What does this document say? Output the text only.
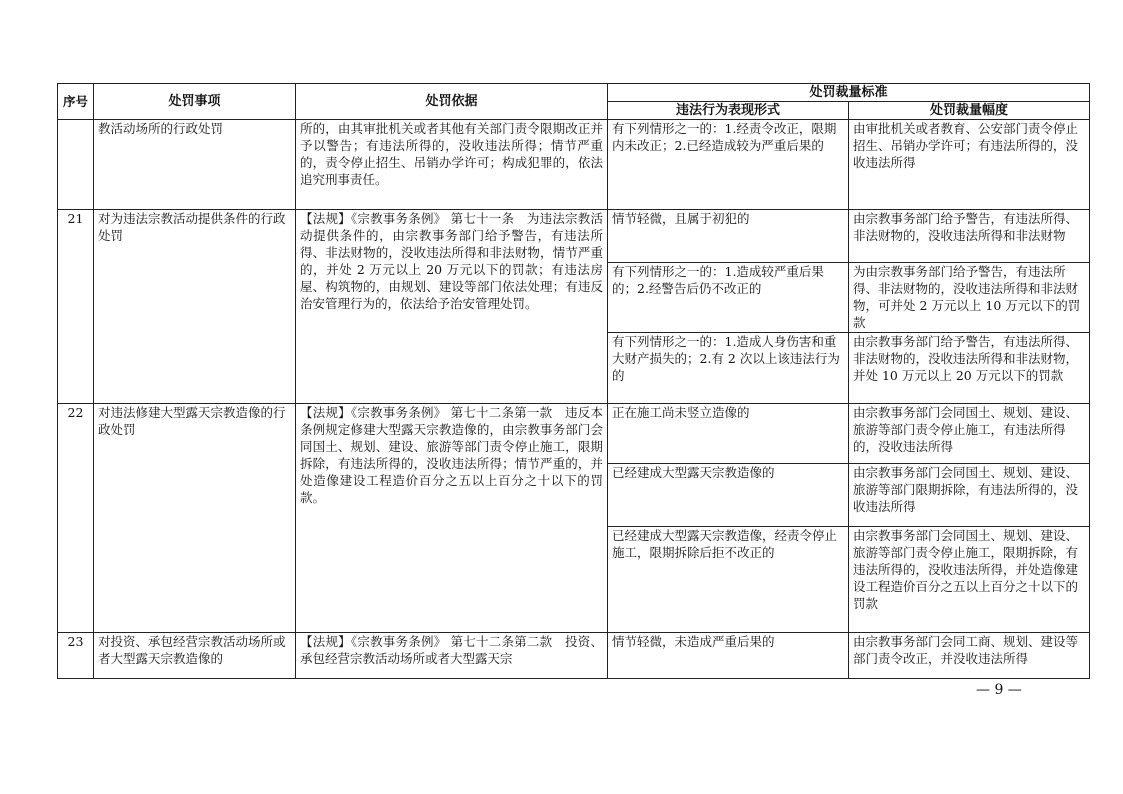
序号	处罚事项	处罚依据	处罚裁量标准	
			违法行为表现形式	处罚裁量幅度
	教活动场所的行政处罚	所的，由其审批机关或者其他有关部门责令限期改正并予以警告；有违法所得的，没收违法所得；情节严重的，责令停止招生、吊销办学许可；构成犯罪的，依法追究刑事责任。	有下列情形之一的：1.经责令改正，限期内未改正；2.已经造成较为严重后果的	由审批机关或者教育、公安部门责令停止招生、吊销办学许可；有违法所得的，没收违法所得
21	对为违法宗教活动提供条件的行政处罚	【法规】《宗教事务条例》 第七十一条　为违法宗教活动提供条件的，由宗教事务部门给予警告，有违法所得、非法财物的，没收违法所得和非法财物，情节严重的，并处 2 万元以上 20 万元以下的罚款；有违法房屋、构筑物的，由规划、建设等部门依法处理；有违反治安管理行为的，依法给予治安管理处罚。	情节轻微，且属于初犯的	由宗教事务部门给予警告，有违法所得、非法财物的，没收违法所得和非法财物
			有下列情形之一的：1.造成较严重后果的；2.经警告后仍不改正的	为由宗教事务部门给予警告，有违法所得、非法财物的，没收违法所得和非法财物，可并处 2 万元以上 10 万元以下的罚款
			有下列情形之一的：1.造成人身伤害和重大财产损失的；2.有 2 次以上该违法行为的	由宗教事务部门给予警告，有违法所得、非法财物的，没收违法所得和非法财物，并处 10 万元以上 20 万元以下的罚款
22	对违法修建大型露天宗教造像的行政处罚	【法规】《宗教事务条例》 第七十二条第一款　违反本条例规定修建大型露天宗教造像的，由宗教事务部门会同国土、规划、建设、旅游等部门责令停止施工，限期拆除，有违法所得的，没收违法所得；情节严重的，并处造像建设工程造价百分之五以上百分之十以下的罚款。	正在施工尚未竖立造像的	由宗教事务部门会同国土、规划、建设、旅游等部门责令停止施工，有违法所得的，没收违法所得
			已经建成大型露天宗教造像的	由宗教事务部门会同国土、规划、建设、旅游等部门限期拆除，有违法所得的，没收违法所得
			已经建成大型露天宗教造像，经责令停止施工，限期拆除后拒不改正的	由宗教事务部门会同国土、规划、建设、旅游等部门责令停止施工，限期拆除，有违法所得的，没收违法所得，并处造像建设工程造价百分之五以上百分之十以下的罚款
23	对投资、承包经营宗教活动场所或者大型露天宗教造像的	【法规】《宗教事务条例》 第七十二条第二款　投资、承包经营宗教活动场所或者大型露天宗	情节轻微，未造成严重后果的	由宗教事务部门会同工商、规划、建设等部门责令改正，并没收违法所得
— 9 —
